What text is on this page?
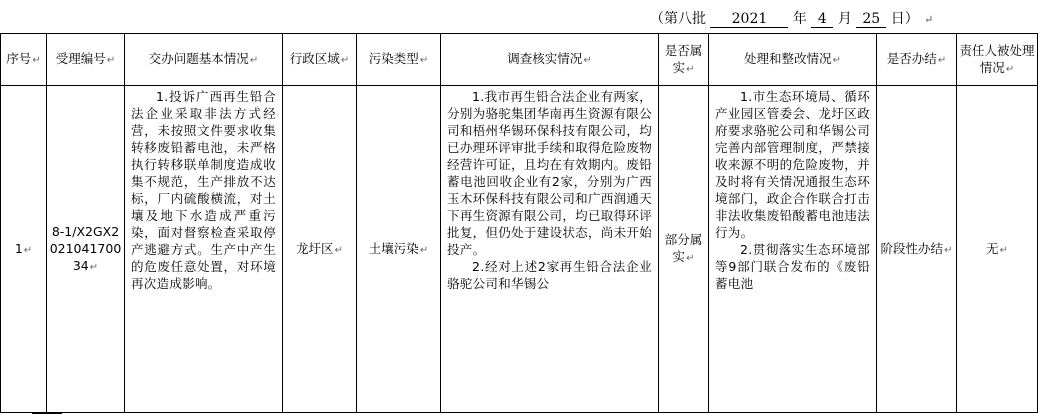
（第八批 2021 年 4 月 25 日） ↵
序号↵	受理编号↵	交办问题基本情况↵	行政区域↵	污染类型↵	调查核实情况↵	是否属实↵	处理和整改情况↵	是否办结↵	责任人被处理情况↵
1↵	8-1/X2GX202104170034↵	1.投诉广西再生铅合法企业采取非法方式经营，未按照文件要求收集转移废铅蓄电池，未严格执行转移联单制度造成收集不规范，生产排放不达标，厂内硫酸横流，对土壤及地下水造成严重污染，面对督察检查采取停产逃避方式。生产中产生的危废任意处置，对环境再次造成影响。	龙圩区↵	土壤污染↵	1.我市再生铅合法企业有两家，分别为骆驼集团华南再生资源有限公司和梧州华锡环保科技有限公司，均已办理环评审批手续和取得危险废物经营许可证，且均在有效期内。废铅蓄电池回收企业有2家，分别为广西玉木环保科技有限公司和广西润通天下再生资源有限公司，均已取得环评批复，但仍处于建设状态，尚未开始投产。
2.经对上述2家再生铅合法企业骆驼公司和华锡公	部分属实↵	1.市生态环境局、循环产业园区管委会、龙圩区政府要求骆驼公司和华锡公司完善内部管理制度，严禁接收来源不明的危险废物，并及时将有关情况通报生态环境部门，政企合作联合打击非法收集废铅酸蓄电池违法行为。
2.贯彻落实生态环境部等9部门联合发布的《废铅蓄电池	阶段性办结↵	无↵
